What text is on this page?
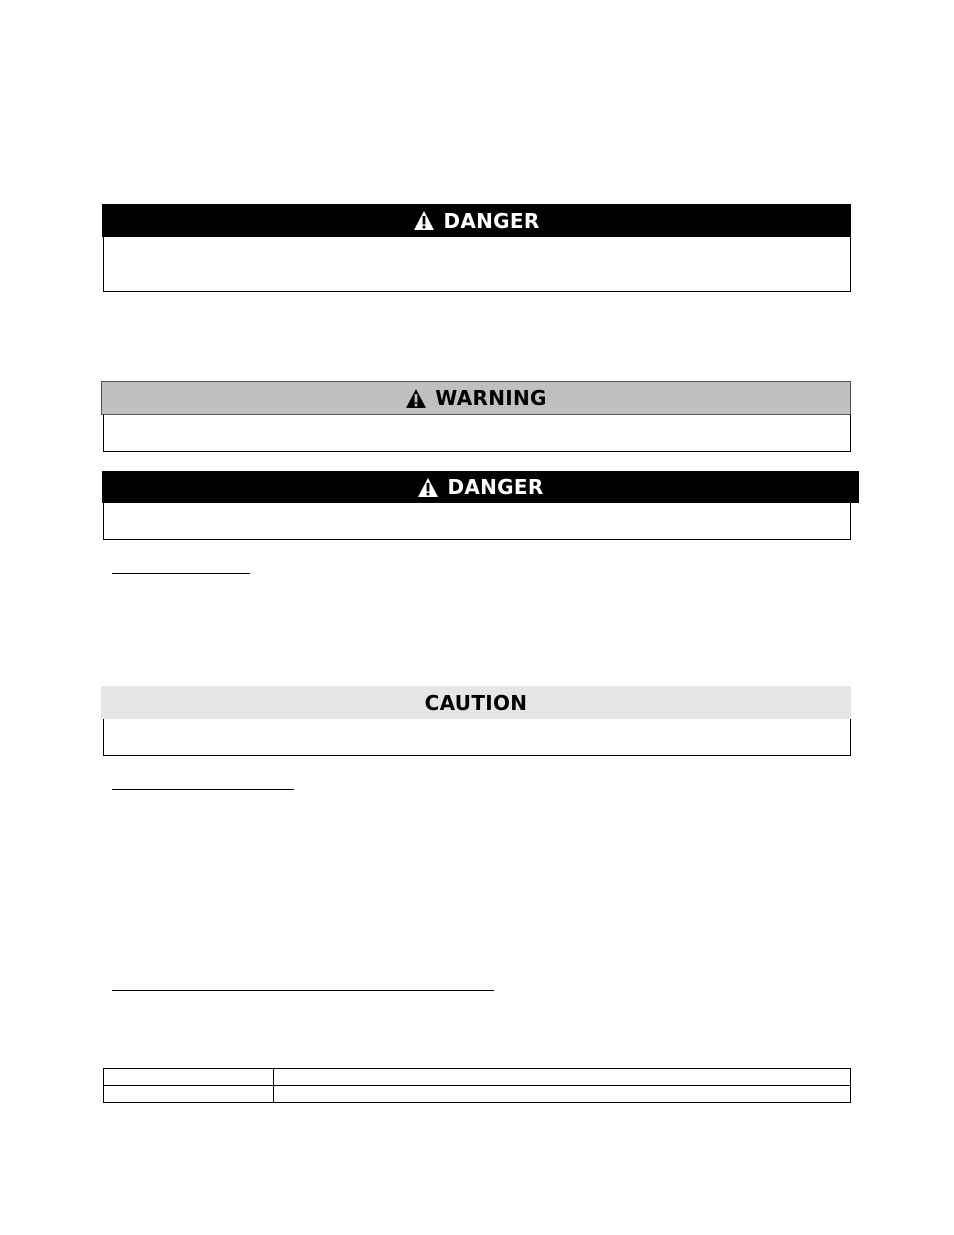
DANGER
WARNING
DANGER
CAUTION
